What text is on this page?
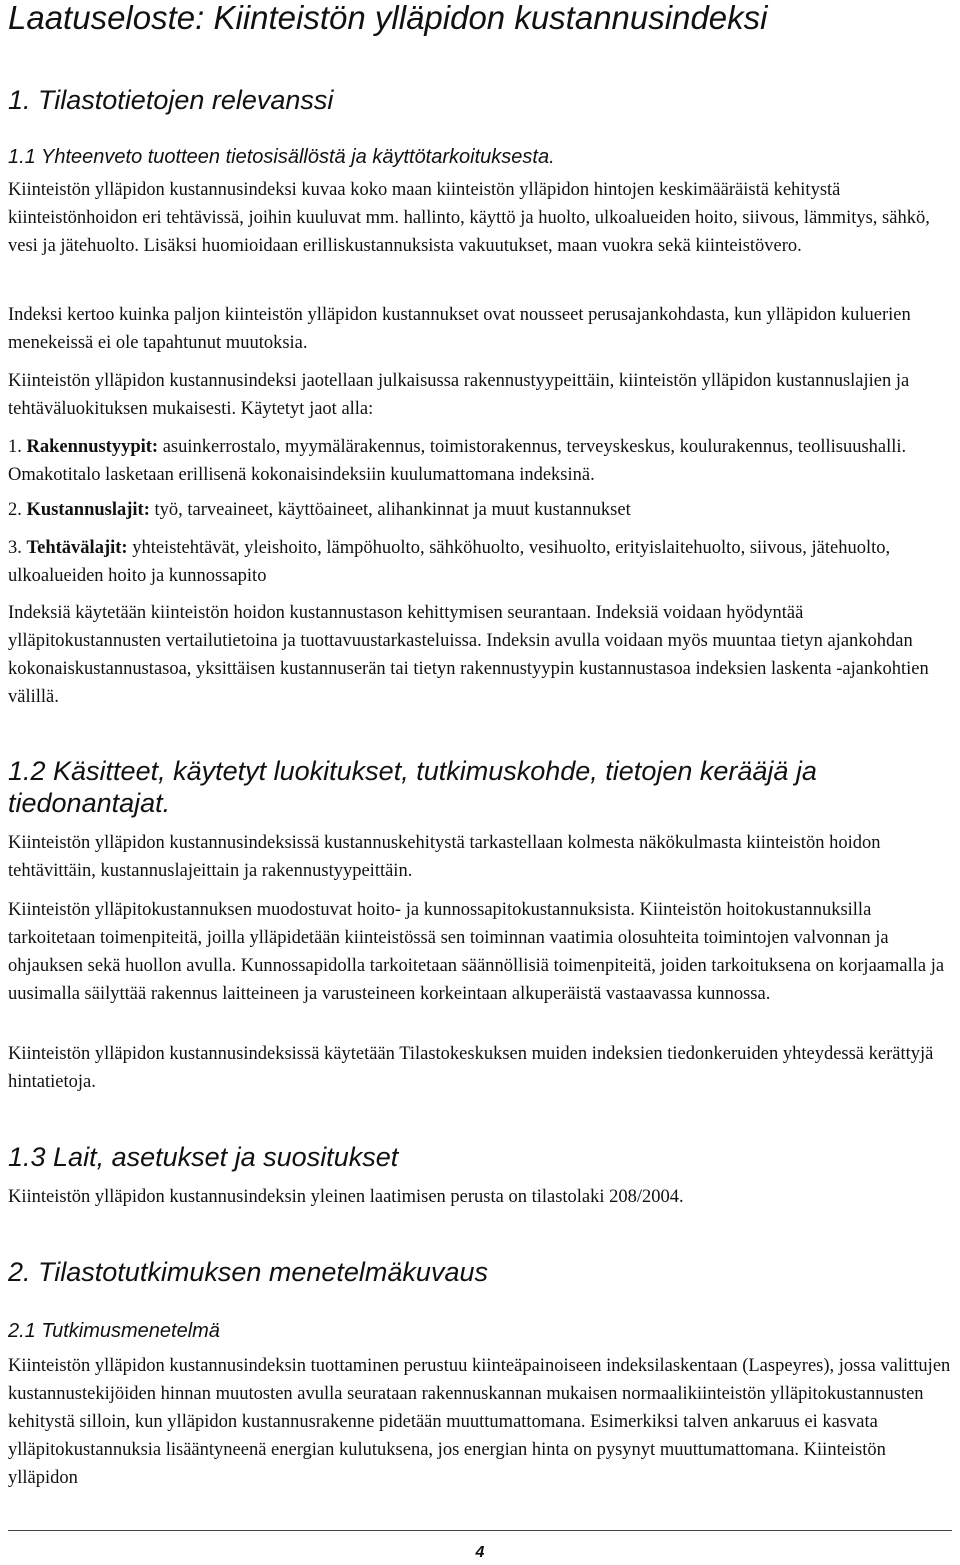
Laatuseloste: Kiinteistön ylläpidon kustannusindeksi
1. Tilastotietojen relevanssi
1.1 Yhteenveto tuotteen tietosisällöstä ja käyttötarkoituksesta.

Kiinteistön ylläpidon kustannusindeksi kuvaa koko maan kiinteistön ylläpidon hintojen keskimääräistä kehitystä kiinteistönhoidon eri tehtävissä, joihin kuuluvat mm. hallinto, käyttö ja huolto, ulkoalueiden hoito, siivous, lämmitys, sähkö, vesi ja jätehuolto. Lisäksi huomioidaan erilliskustannuksista vakuutukset, maan vuokra sekä kiinteistövero.

Indeksi kertoo kuinka paljon kiinteistön ylläpidon kustannukset ovat nousseet perusajankohdasta, kun ylläpidon kuluerien menekeissä ei ole tapahtunut muutoksia.

Kiinteistön ylläpidon kustannusindeksi jaotellaan julkaisussa rakennustyypeittäin, kiinteistön ylläpidon kustannuslajien ja tehtäväluokituksen mukaisesti. Käytetyt jaot alla:

1. Rakennustyypit: asuinkerrostalo, myymälärakennus, toimistorakennus, terveyskeskus, koulurakennus, teollisuushalli. Omakotitalo lasketaan erillisenä kokonaisindeksiin kuulumattomana indeksinä.

2. Kustannuslajit: työ, tarveaineet, käyttöaineet, alihankinnat ja muut kustannukset

3. Tehtävälajit: yhteistehtävät, yleishoito, lämpöhuolto, sähköhuolto, vesihuolto, erityislaitehuolto, siivous, jätehuolto, ulkoalueiden hoito ja kunnossapito

Indeksiä käytetään kiinteistön hoidon kustannustason kehittymisen seurantaan. Indeksiä voidaan hyödyntää ylläpitokustannusten vertailutietoina ja tuottavuustarkasteluissa. Indeksin avulla voidaan myös muuntaa tietyn ajankohdan kokonaiskustannustasoa, yksittäisen kustannuserän tai tietyn rakennustyypin kustannustasoa indeksien laskenta -ajankohtien välillä.

1.2 Käsitteet, käytetyt luokitukset, tutkimuskohde, tietojen kerääjä ja tiedonantajat.

Kiinteistön ylläpidon kustannusindeksissä kustannuskehitystä tarkastellaan kolmesta näkökulmasta kiinteistön hoidon tehtävittäin, kustannuslajeittain ja rakennustyypeittäin.

Kiinteistön ylläpitokustannuksen muodostuvat hoito- ja kunnossapitokustannuksista. Kiinteistön hoitokustannuksilla tarkoitetaan toimenpiteitä, joilla ylläpidetään kiinteistössä sen toiminnan vaatimia olosuhteita toimintojen valvonnan ja ohjauksen sekä huollon avulla. Kunnossapidolla tarkoitetaan säännöllisiä toimenpiteitä, joiden tarkoituksena on korjaamalla ja uusimalla säilyttää rakennus laitteineen ja varusteineen korkeintaan alkuperäistä vastaavassa kunnossa.

Kiinteistön ylläpidon kustannusindeksissä käytetään Tilastokeskuksen muiden indeksien tiedonkeruiden yhteydessä kerättyjä hintatietoja.

1.3 Lait, asetukset ja suositukset

Kiinteistön ylläpidon kustannusindeksin yleinen laatimisen perusta on tilastolaki 208/2004.

2. Tilastotutkimuksen menetelmäkuvaus
2.1 Tutkimusmenetelmä

Kiinteistön ylläpidon kustannusindeksin tuottaminen perustuu kiinteäpainoiseen indeksilaskentaan (Laspeyres), jossa valittujen kustannustekijöiden hinnan muutosten avulla seurataan rakennuskannan mukaisen normaalikiinteistön ylläpitokustannusten kehitystä silloin, kun ylläpidon kustannusrakenne pidetään muuttumattomana. Esimerkiksi talven ankaruus ei kasvata ylläpitokustannuksia lisääntyneenä energian kulutuksena, jos energian hinta on pysynyt muuttumattomana. Kiinteistön ylläpidon

4
